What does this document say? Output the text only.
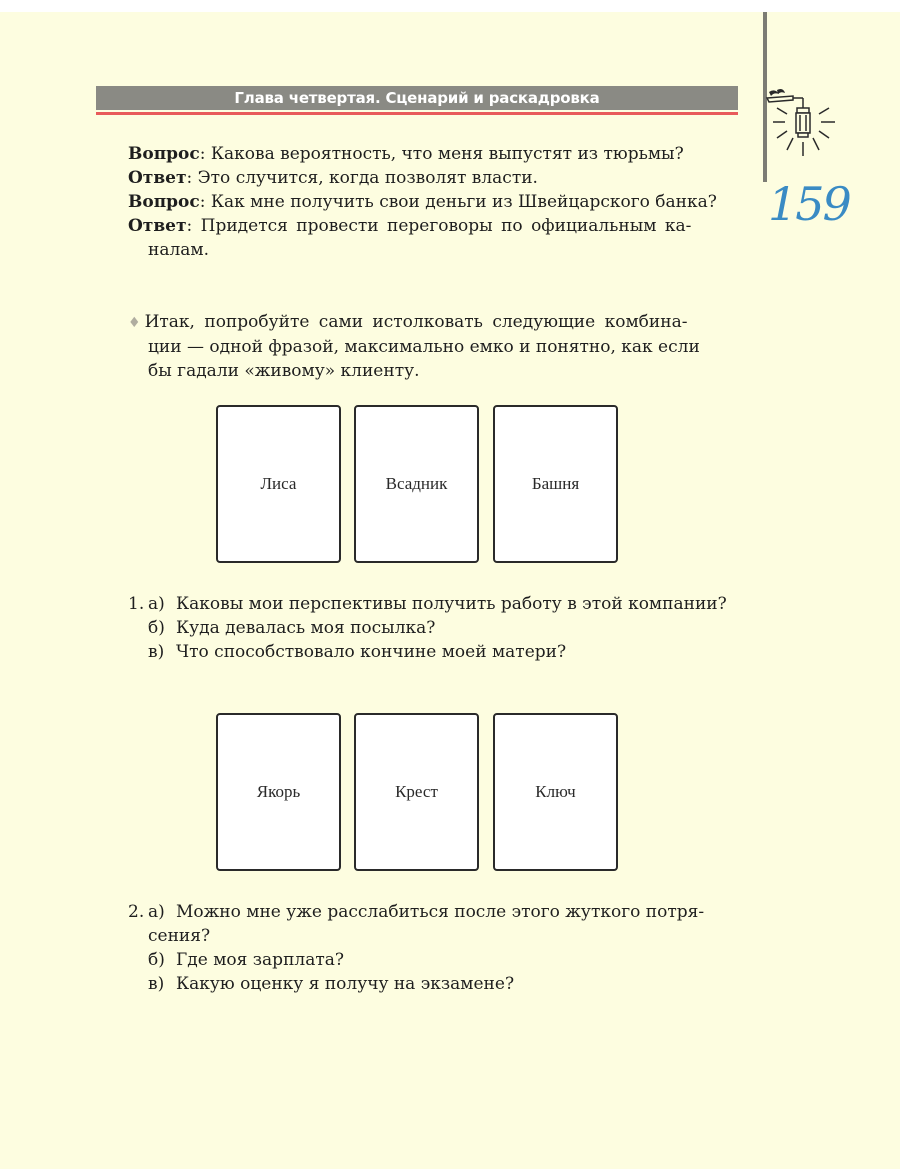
Глава четвертая. Сценарий и раскадровка
159
Вопрос: Какова вероятность, что меня выпустят из тюрьмы?
Ответ: Это случится, когда позволят власти.
Вопрос: Как мне получить свои деньги из Швейцарского банка?
Ответ: Придется провести переговоры по официальным ка-
налам.
♦ Итак, попробуйте сами истолковать следующие комбина-
ции — одной фразой, максимально емко и понятно, как если
бы гадали «живому» клиенту.
Лиса	Всадник	Башня
1. а) Каковы мои перспективы получить работу в этой компании?
б) Куда девалась моя посылка?
в) Что способствовало кончине моей матери?
Якорь	Крест	Ключ
2. а) Можно мне уже расслабиться после этого жуткого потря-
сения?
б) Где моя зарплата?
в) Какую оценку я получу на экзамене?
